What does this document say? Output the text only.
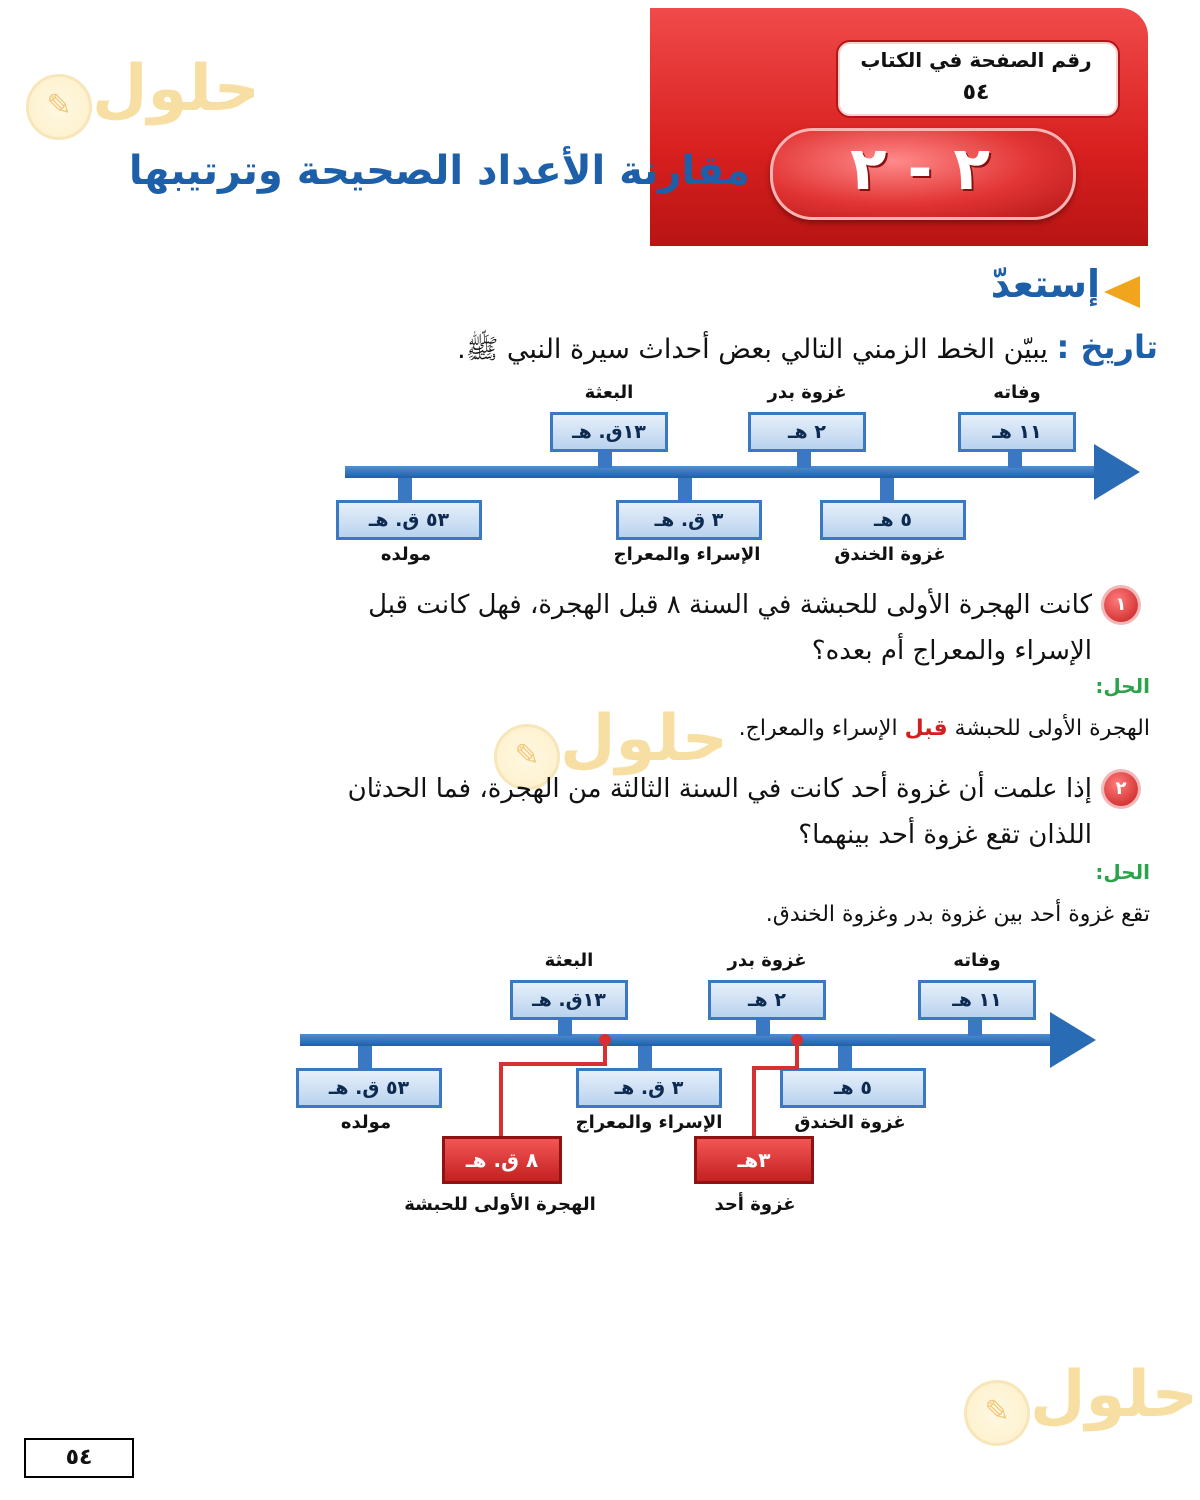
رقم الصفحة في الكتاب
٥٤
٢ - ٢
مقارنة الأعداد الصحيحة وترتيبها
✎ حلول
✎ حلول
✎ حلول
إستعدّ
تاريخ : يبيّن الخط الزمني التالي بعض أحداث سيرة النبي ﷺ.
وفاته
١١ هـ
غزوة بدر
٢ هـ
البعثة
١٣ق. هـ
٥ هـ
غزوة الخندق
٣ ق. هـ
الإسراء والمعراج
٥٣ ق. هـ
مولده
١
كانت الهجرة الأولى للحبشة في السنة ٨ قبل الهجرة، فهل كانت قبل الإسراء والمعراج أم بعده؟
الحل:
الهجرة الأولى للحبشة قبل الإسراء والمعراج.
٢
إذا علمت أن غزوة أحد كانت في السنة الثالثة من الهجرة، فما الحدثان اللذان تقع غزوة أحد بينهما؟
الحل:
تقع غزوة أحد بين غزوة بدر وغزوة الخندق.
وفاته
١١ هـ
غزوة بدر
٢ هـ
البعثة
١٣ق. هـ
٥ هـ
غزوة الخندق
٣ ق. هـ
الإسراء والمعراج
٥٣ ق. هـ
مولده
٣هـ
غزوة أحد
٨ ق. هـ
الهجرة الأولى للحبشة
٥٤
